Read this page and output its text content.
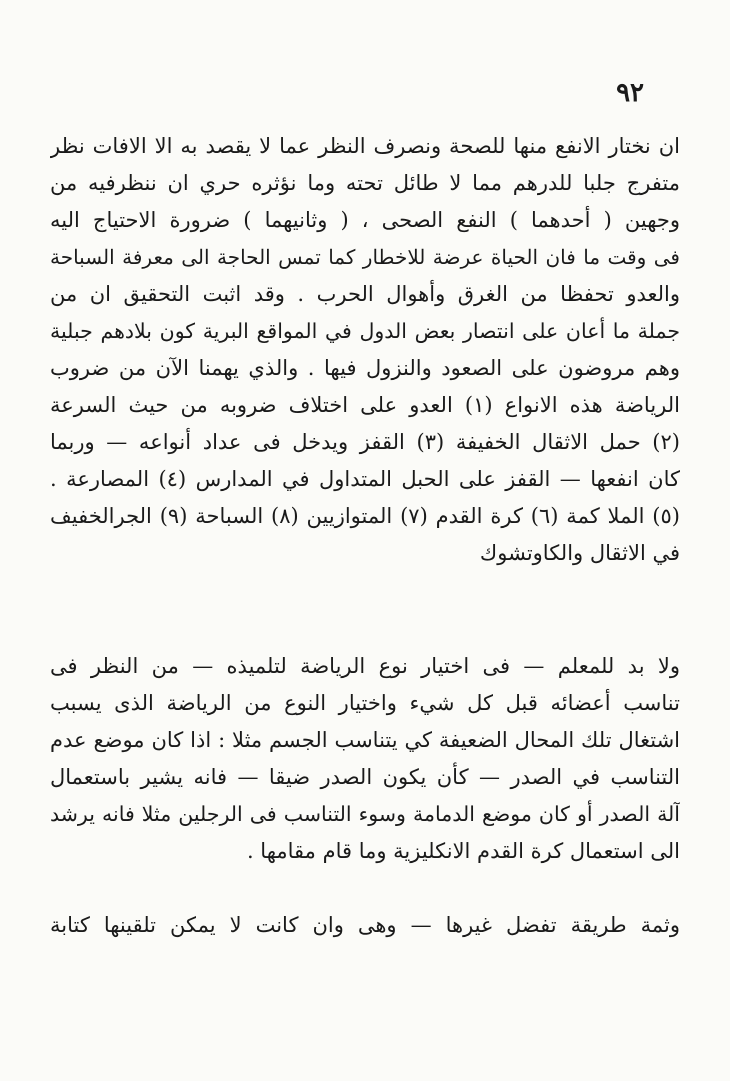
٩٢
ان نختار الانفع منها للصحة ونصرف النظر عما لا يقصد به الا الافات نظر
متفرج جلبا للدرهم مما لا طائل تحته وما نؤثره حري ان ننظرفيه من
وجهين ( أحدهما ) النفع الصحى ، ( وثانيهما ) ضرورة الاحتياج اليه
فى وقت ما فان الحياة عرضة للاخطار كما تمس الحاجة الى معرفة السباحة
والعدو تحفظا من الغرق وأهوال الحرب . وقد اثبت التحقيق ان من
جملة ما أعان على انتصار بعض الدول في المواقع البرية كون بلادهم جبلية
وهم مروضون على الصعود والنزول فيها . والذي يهمنا الآن من ضروب
الرياضة هذه الانواع (١) العدو على اختلاف ضروبه من حيث السرعة
(٢) حمل الاثقال الخفيفة (٣) القفز ويدخل فى عداد أنواعه — وربما
كان انفعها — القفز على الحبل المتداول في المدارس (٤) المصارعة .
(٥) الملا كمة (٦) كرة القدم (٧) المتوازيين (٨) السباحة (٩) الجرالخفيف
في الاثقال والكاوتشوك
ولا بد للمعلم — فى اختيار نوع الرياضة لتلميذه — من النظر فى
تناسب أعضائه قبل كل شيء واختيار النوع من الرياضة الذى يسبب
اشتغال تلك المحال الضعيفة كي يتناسب الجسم مثلا : اذا كان موضع عدم
التناسب في الصدر — كأن يكون الصدر ضيقا — فانه يشير باستعمال
آلة الصدر أو كان موضع الدمامة وسوء التناسب فى الرجلين مثلا فانه يرشد
الى استعمال كرة القدم الانكليزية وما قام مقامها .
وثمة طريقة تفضل غيرها — وهى وان كانت لا يمكن تلقينها كتابة
